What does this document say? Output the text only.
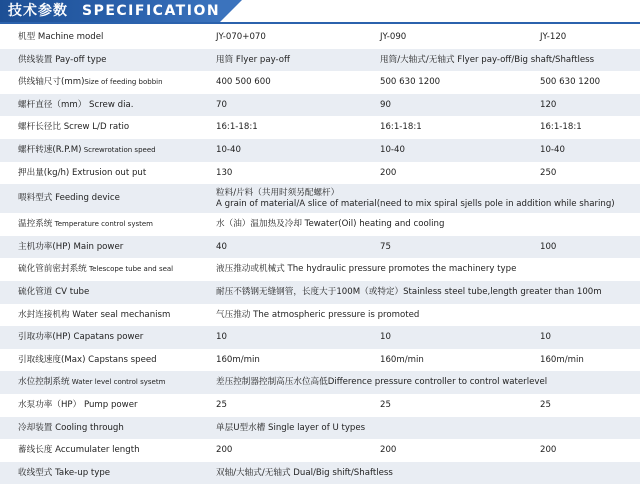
技术参数 SPECIFICATIONS
机型 Machine model	JY-070+070	JY-090	JY-120
供线装置 Pay-off type	甩筒 Flyer pay-off	甩筒/大轴式/无轴式 Flyer pay-off/Big shaft/Shaftless
供线轴尺寸(mm)Size of feeding bobbin	400 500 600	500 630 1200	500 630 1200
螺杆直径（mm） Screw dia.	70	90	120
螺杆长径比 Screw L/D ratio	16:1-18:1	16:1-18:1	16:1-18:1
螺杆转速(R.P.M) Screwrotation speed	10-40	10-40	10-40
押出量(kg/h) Extrusion out put	130	200	250
喂料型式 Feeding device	粒料/片料（共用时须另配螺杆）
A grain of material/A slice of material(need to mix spiral sjells pole in addition while sharing)
温控系统 Temperature control system	水（油）温加热及冷却 Tewater(Oil) heating and cooling
主机功率(HP) Main power	40	75	100
硫化管前密封系统 Telescope tube and seal	液压推动或机械式 The hydraulic pressure promotes the machinery type
硫化管道 CV tube	耐压不锈钢无缝钢管，长度大于100M（或特定）Stainless steel tube,length greater than 100m
水封连接机构 Water seal mechanism	气压推动 The atmospheric pressure is promoted
引取功率(HP) Capatans power	10	10	10
引取线速度(Max) Capstans speed	160m/min	160m/min	160m/min
水位控制系统 Water level control sysetm	差压控制器控制高压水位高低Difference pressure controller to control waterlevel
水泵功率（HP） Pump power	25	25	25
冷却装置 Cooling through	单层U型水槽 Single layer of U types
蓄线长度 Accumulater length	200	200	200
收线型式 Take-up type	双轴/大轴式/无轴式 Dual/Big shift/Shaftless
